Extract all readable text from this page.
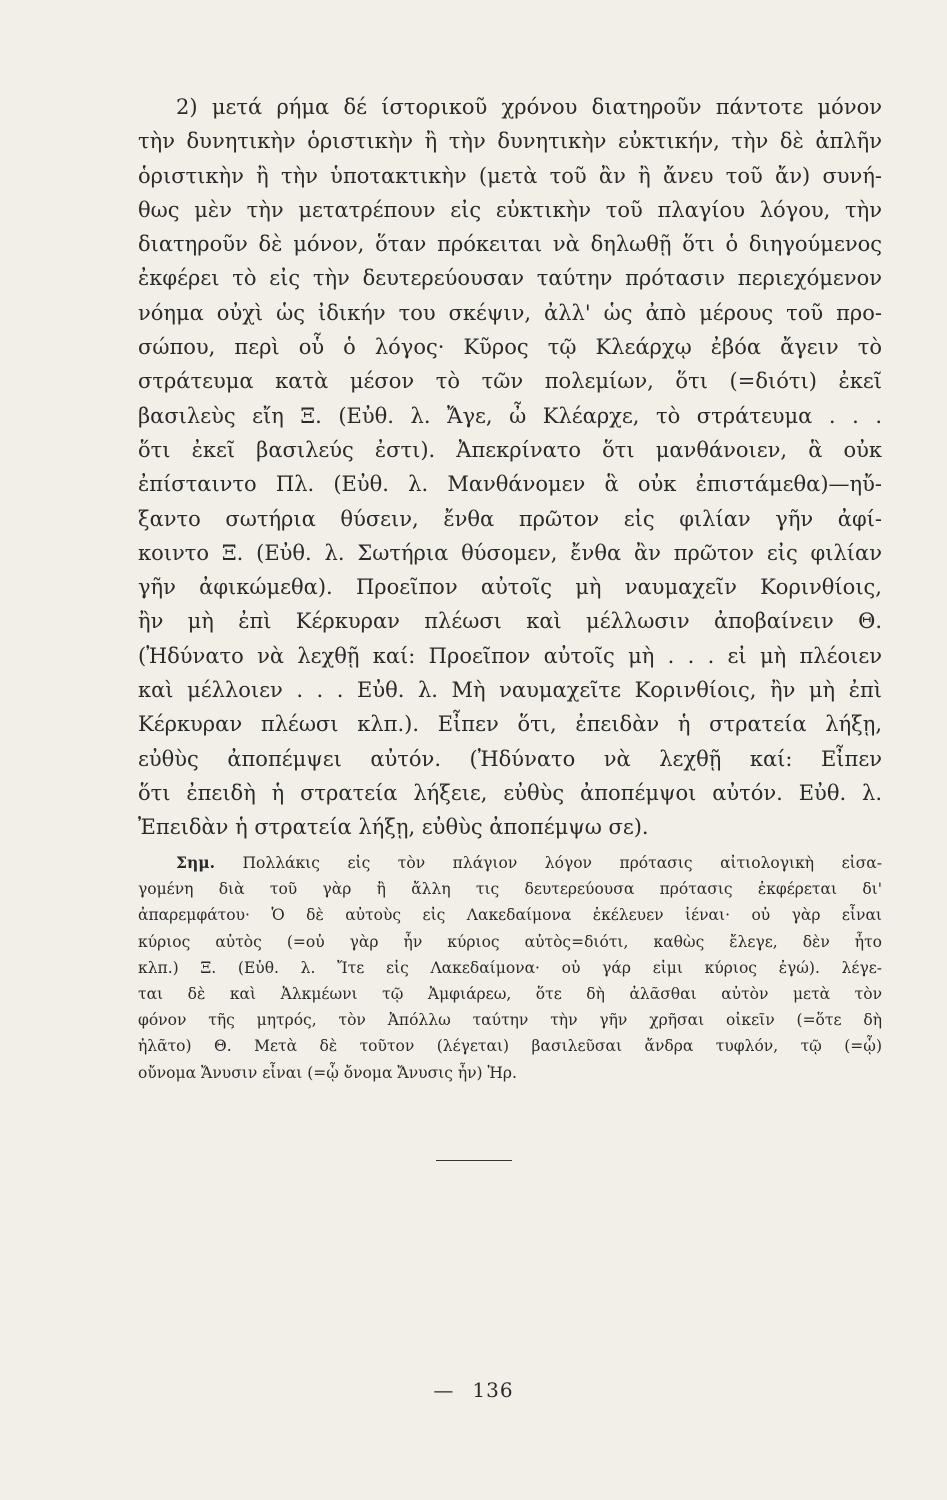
2) μετά ρήμα δέ ίστορικοῦ χρόνου διατηροῦν πάντοτε μόνον
τὴν δυνητικὴν ὁριστικὴν ἢ τὴν δυνητικὴν εὐκτικήν, τὴν δὲ ἁπλῆν
ὁριστικὴν ἢ τὴν ὑποτακτικὴν (μετὰ τοῦ ἂν ἢ ἄνευ τοῦ ἄν) συνή-
θως μὲν τὴν μετατρέπουν εἰς εὐκτικὴν τοῦ πλαγίου λόγου, τὴν
διατηροῦν δὲ μόνον, ὅταν πρόκειται νὰ δηλωθῇ ὅτι ὁ διηγούμενος
ἐκφέρει τὸ εἰς τὴν δευτερεύουσαν ταύτην πρότασιν περιεχόμενον
νόημα οὐχὶ ὡς ἰδικήν του σκέψιν, ἀλλ' ὡς ἀπὸ μέρους τοῦ προ-
σώπου, περὶ οὗ ὁ λόγος· Κῦρος τῷ Κλεάρχῳ ἐβόα ἄγειν τὸ
στράτευμα κατὰ μέσον τὸ τῶν πολεμίων, ὅτι (=διότι) ἐκεῖ
βασιλεὺς εἴη Ξ. (Εὐθ. λ. Ἄγε, ὦ Κλέαρχε, τὸ στράτευμα . . .
ὅτι ἐκεῖ βασιλεύς ἐστι). Ἀπεκρίνατο ὅτι μανθάνοιεν, ἃ οὐκ
ἐπίσταιντο Πλ. (Εὐθ. λ. Μανθάνομεν ἃ οὐκ ἐπιστάμεθα)—ηὔ-
ξαντο σωτήρια θύσειν, ἔνθα πρῶτον εἰς φιλίαν γῆν ἀφί-
κοιντο Ξ. (Εὐθ. λ. Σωτήρια θύσομεν, ἔνθα ἂν πρῶτον εἰς φιλίαν
γῆν ἀφικώμεθα). Προεῖπον αὐτοῖς μὴ ναυμαχεῖν Κορινθίοις,
ἢν μὴ ἐπὶ Κέρκυραν πλέωσι καὶ μέλλωσιν ἀποβαίνειν Θ.
(Ἠδύνατο νὰ λεχθῇ καί: Προεῖπον αὐτοῖς μὴ . . . εἰ μὴ πλέοιεν
καὶ μέλλοιεν . . . Εὐθ. λ. Μὴ ναυμαχεῖτε Κορινθίοις, ἢν μὴ ἐπὶ
Κέρκυραν πλέωσι κλπ.). Εἶπεν ὅτι, ἐπειδὰν ἡ στρατεία λήξῃ,
εὐθὺς ἀποπέμψει αὐτόν. (Ἠδύνατο νὰ λεχθῇ καί: Εἶπεν
ὅτι ἐπειδὴ ἡ στρατεία λήξειε, εὐθὺς ἀποπέμψοι αὐτόν. Εὐθ. λ.
Ἐπειδὰν ἡ στρατεία λήξῃ, εὐθὺς ἀποπέμψω σε).
Σημ. Πολλάκις εἰς τὸν πλάγιον λόγον πρότασις αἰτιολογικὴ εἰσα-
γομένη διὰ τοῦ γὰρ ἢ ἄλλη τις δευτερεύουσα πρότασις ἐκφέρεται δι'
ἀπαρεμφάτου· Ὁ δὲ αὐτοὺς εἰς Λακεδαίμονα ἐκέλευεν ἰέναι· οὐ γὰρ εἶναι
κύριος αὐτὸς (=οὐ γὰρ ἦν κύριος αὐτὸς=διότι, καθὼς ἔλεγε, δὲν ἦτο
κλπ.) Ξ. (Εὐθ. λ. Ἴτε εἰς Λακεδαίμονα· οὐ γάρ εἰμι κύριος ἐγώ). λέγε-
ται δὲ καὶ Ἀλκμέωνι τῷ Ἀμφιάρεω, ὅτε δὴ ἀλᾶσθαι αὐτὸν μετὰ τὸν
φόνον τῆς μητρός, τὸν Ἀπόλλω ταύτην τὴν γῆν χρῆσαι οἰκεῖν (=ὅτε δὴ
ἠλᾶτο) Θ. Μετὰ δὲ τοῦτον (λέγεται) βασιλεῦσαι ἄνδρα τυφλόν, τῷ (=ᾧ)
οὔνομα Ἄνυσιν εἶναι (=ᾧ ὄνομα Ἄνυσις ἦν) Ἡρ.
— 136
